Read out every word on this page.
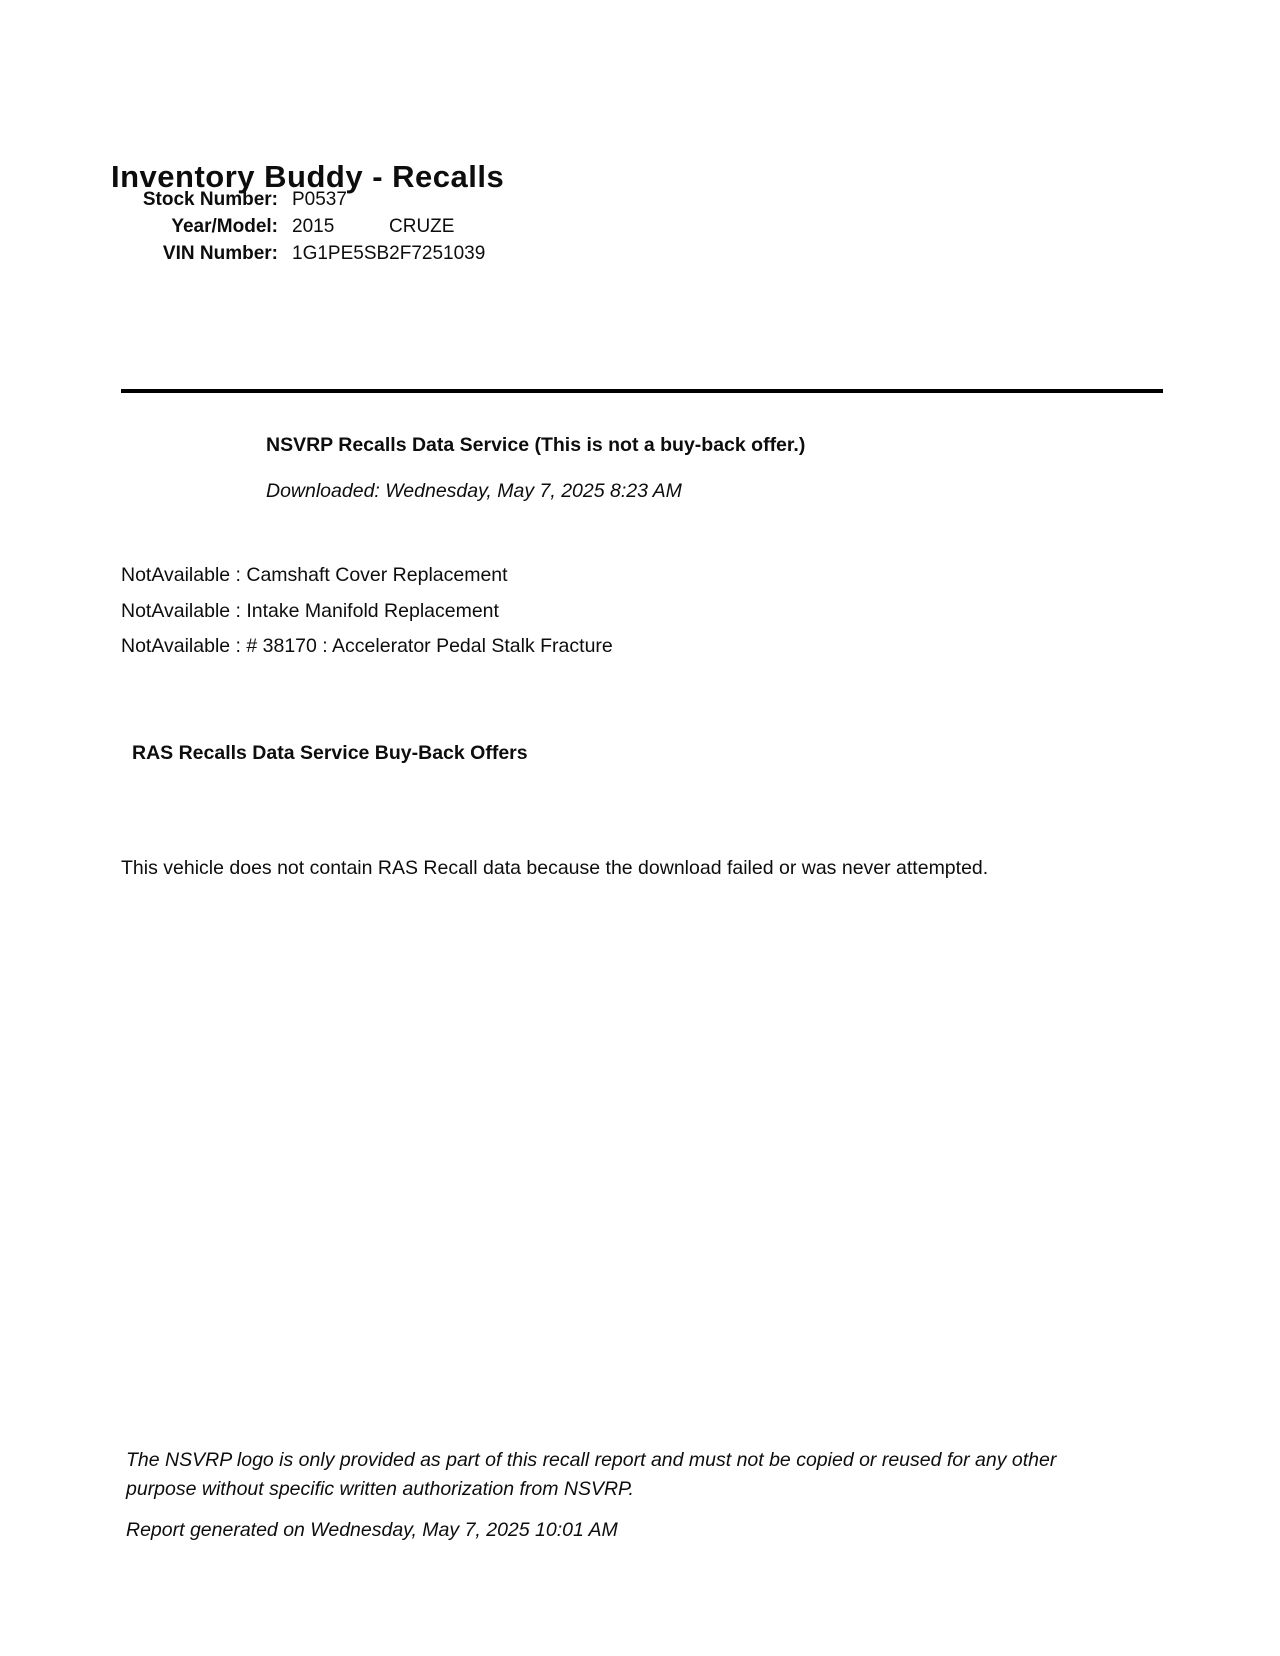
Inventory Buddy - Recalls
Stock Number: P0537
Year/Model: 2015	CRUZE
VIN Number: 1G1PE5SB2F7251039
NSVRP Recalls Data Service (This is not a buy-back offer.)
Downloaded: Wednesday, May 7, 2025 8:23 AM
NotAvailable : Camshaft Cover Replacement
NotAvailable : Intake Manifold Replacement
NotAvailable : # 38170 : Accelerator Pedal Stalk Fracture
RAS Recalls Data Service Buy-Back Offers
This vehicle does not contain RAS Recall data because the download failed or was never attempted.
The NSVRP logo is only provided as part of this recall report and must not be copied or reused for any other
purpose without specific written authorization from NSVRP.
Report generated on Wednesday, May 7, 2025 10:01 AM
